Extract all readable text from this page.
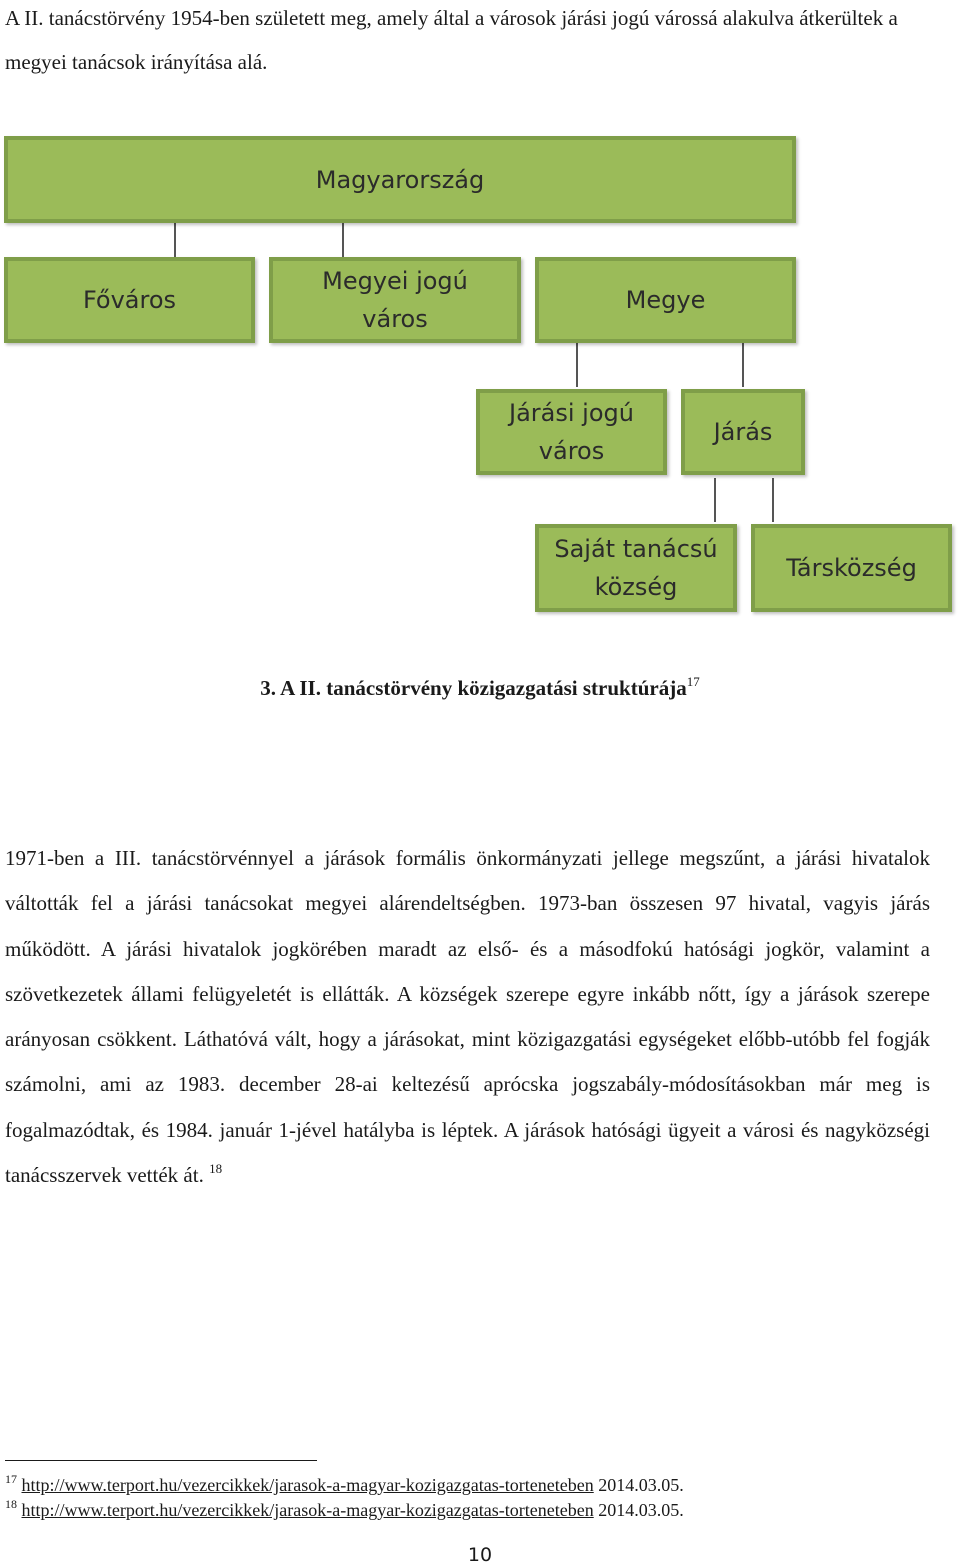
A II. tanácstörvény 1954-ben született meg, amely által a városok járási jogú várossá alakulva átkerültek a megyei tanácsok irányítása alá.

Magyarország
Főváros
Megyei jogú
város
Megye
Járási jogú
város
Járás
Saját tanácsú
község
Társközség

3. A II. tanácstörvény közigazgatási struktúrája$^{17}$

1971-ben a III. tanácstörvénnyel a járások formális önkormányzati jellege megszűnt, a járási hivatalok váltották fel a járási tanácsokat megyei alárendeltségben. 1973-ban összesen 97 hivatal, vagyis járás működött. A járási hivatalok jogkörében maradt az első- és a másodfokú hatósági jogkör, valamint a szövetkezetek állami felügyeletét is ellátták. A községek szerepe egyre inkább nőtt, így a járások szerepe arányosan csökkent. Láthatóvá vált, hogy a járásokat, mint közigazgatási egységeket előbb-utóbb fel fogják számolni, ami az 1983. december 28-ai keltezésű aprócska jogszabály-módosításokban már meg is fogalmazódtak, és 1984. január 1-jével hatályba is léptek. A járások hatósági ügyeit a városi és nagyközségi tanácsszervek vették át. $^{18}$

$^{17}$ http://www.terport.hu/vezercikkek/jarasok-a-magyar-kozigazgatas-torteneteben 2014.03.05.

$^{18}$ http://www.terport.hu/vezercikkek/jarasok-a-magyar-kozigazgatas-torteneteben 2014.03.05.

10
